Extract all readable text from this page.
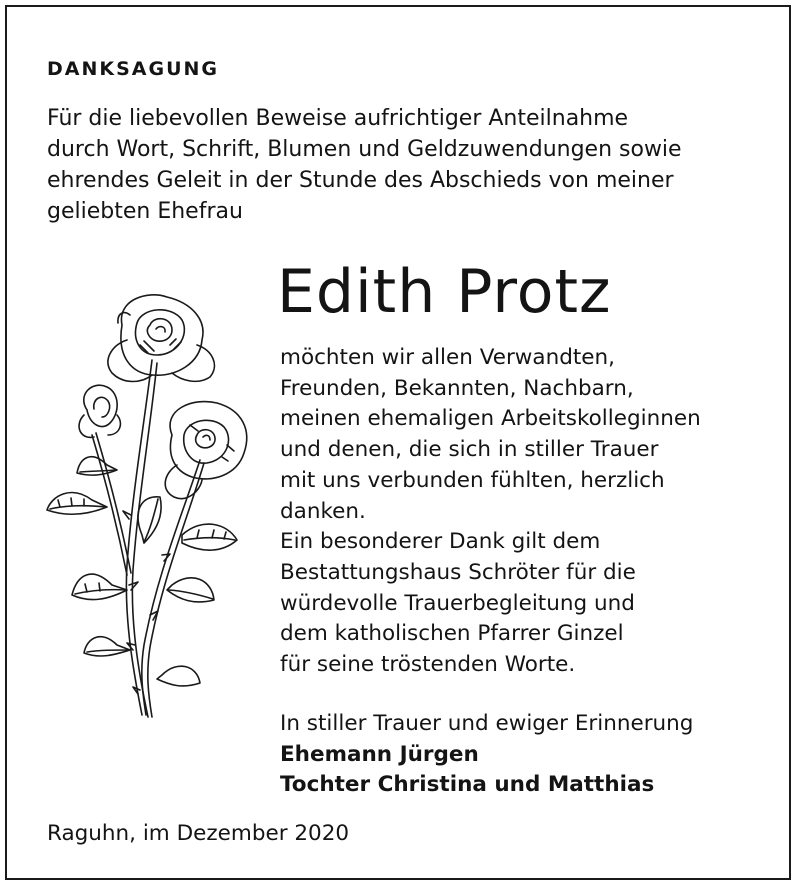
DANKSAGUNG
Für die liebevollen Beweise aufrichtiger Anteilnahme
durch Wort, Schrift, Blumen und Geldzuwendungen sowie
ehrendes Geleit in der Stunde des Abschieds von meiner
geliebten Ehefrau
Edith Protz
möchten wir allen Verwandten,
Freunden, Bekannten, Nachbarn,
meinen ehemaligen Arbeitskolleginnen
und denen, die sich in stiller Trauer
mit uns verbunden fühlten, herzlich
danken.
Ein besonderer Dank gilt dem
Bestattungshaus Schröter für die
würdevolle Trauerbegleitung und
dem katholischen Pfarrer Ginzel
für seine tröstenden Worte.
In stiller Trauer und ewiger Erinnerung
Ehemann Jürgen
Tochter Christina und Matthias
Raguhn, im Dezember 2020
